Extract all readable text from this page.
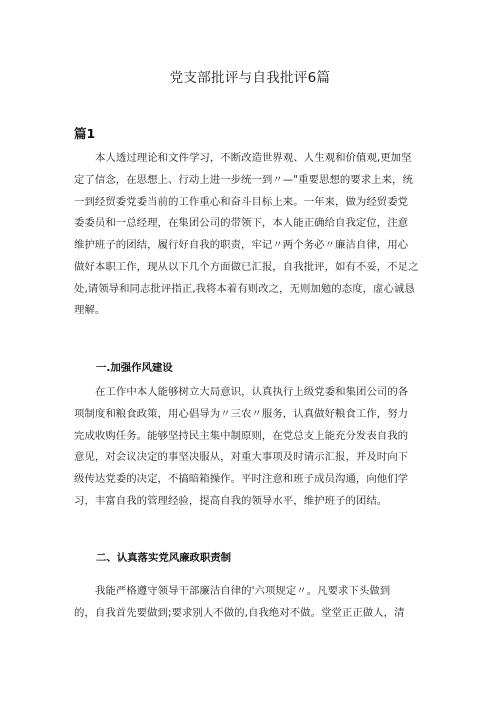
党支部批评与自我批评6篇
篇1
本人透过理论和文件学习，不断改造世界观、人生观和价值观,更加坚
定了信念，在思想上、行动上进一步统一到〃—"重要思想的要求上来，统
一到经贸委党委当前的工作重心和奋斗目标上来。一年来，做为经贸委党
委委员和一总经理，在集团公司的带领下，本人能正确给自我定位，注意
维护班子的团结，履行好自我的职责，牢记〃两个务必〃廉洁自律，用心
做好本职工作，现从以下几个方面做已汇报，自我批评，如有不妥，不足之
处,请领导和同志批评指正,我将本着有则改之，无则加勉的态度，虚心诚恳
理解。
一.加强作风建设
在工作中本人能够树立大局意识，认真执行上级党委和集团公司的各
项制度和粮食政策，用心倡导为〃三农〃服务，认真做好粮食工作，努力
完成收购任务。能够坚持民主集中制原则，在党总支上能充分发表自我的
意见，对会议决定的事坚决服从，对重大事项及时请示汇报，并及时向下
级传达党委的决定，不搞暗箱操作。平时注意和班子成员沟通，向他们学
习，丰富自我的管理经验，提高自我的领导水平，维护班子的团结。
二、认真落实党风廉政职责制
我能严格遵守领导干部廉洁自律的'六项规定〃。凡要求下头做到
的，自我首先要做到;要求别人不做的,自我绝对不做。堂堂正正做人，清
